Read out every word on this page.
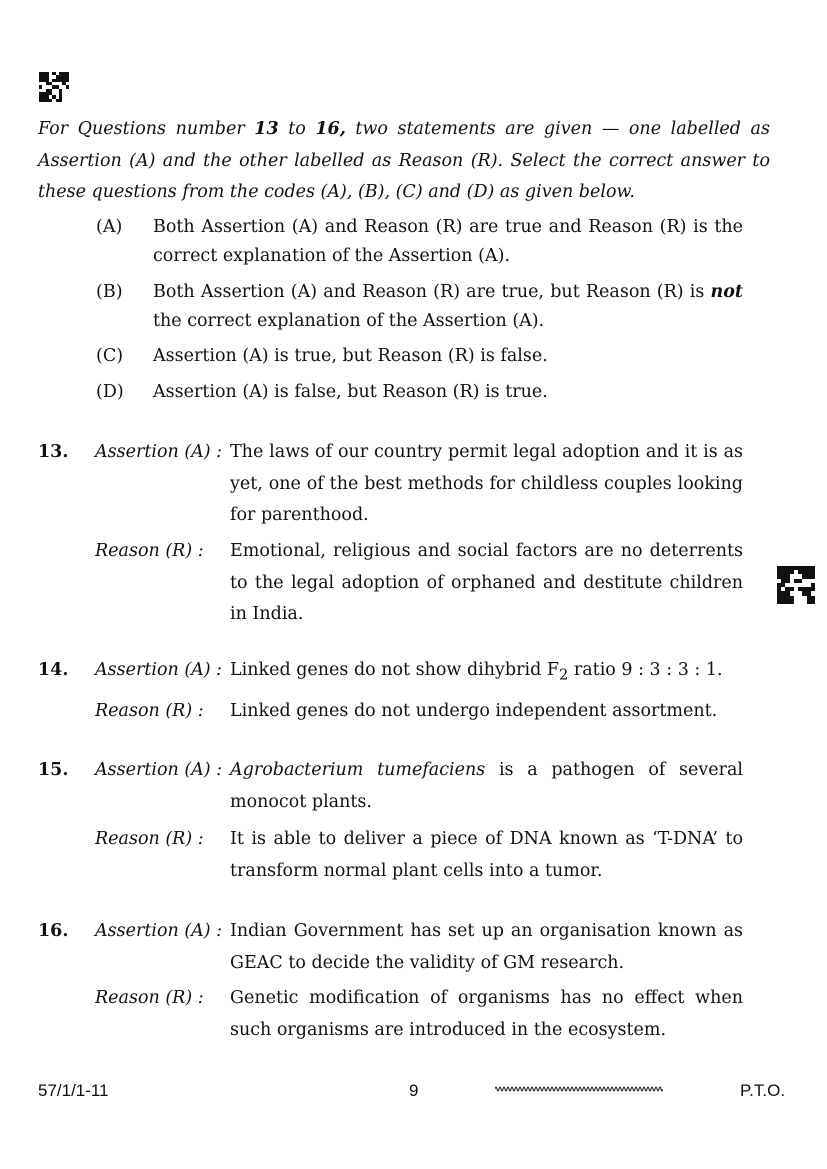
For Questions number 13 to 16, two statements are given — one labelled as Assertion (A) and the other labelled as Reason (R). Select the correct answer to these questions from the codes (A), (B), (C) and (D) as given below.
(A) Both Assertion (A) and Reason (R) are true and Reason (R) is the correct explanation of the Assertion (A).
(B) Both Assertion (A) and Reason (R) are true, but Reason (R) is not the correct explanation of the Assertion (A).
(C) Assertion (A) is true, but Reason (R) is false.
(D) Assertion (A) is false, but Reason (R) is true.
13. Assertion (A) : The laws of our country permit legal adoption and it is as yet, one of the best methods for childless couples looking for parenthood.
Reason (R) : Emotional, religious and social factors are no deterrents to the legal adoption of orphaned and destitute children in India.
14. Assertion (A) : Linked genes do not show dihybrid $F_2$ ratio 9 : 3 : 3 : 1.
Reason (R) : Linked genes do not undergo independent assortment.
15. Assertion (A) : Agrobacterium tumefaciens is a pathogen of several monocot plants.
Reason (R) : It is able to deliver a piece of DNA known as ‘T-DNA’ to transform normal plant cells into a tumor.
16. Assertion (A) : Indian Government has set up an organisation known as GEAC to decide the validity of GM research.
Reason (R) : Genetic modification of organisms has no effect when such organisms are introduced in the ecosystem.
57/1/1-11	9	P.T.O.
